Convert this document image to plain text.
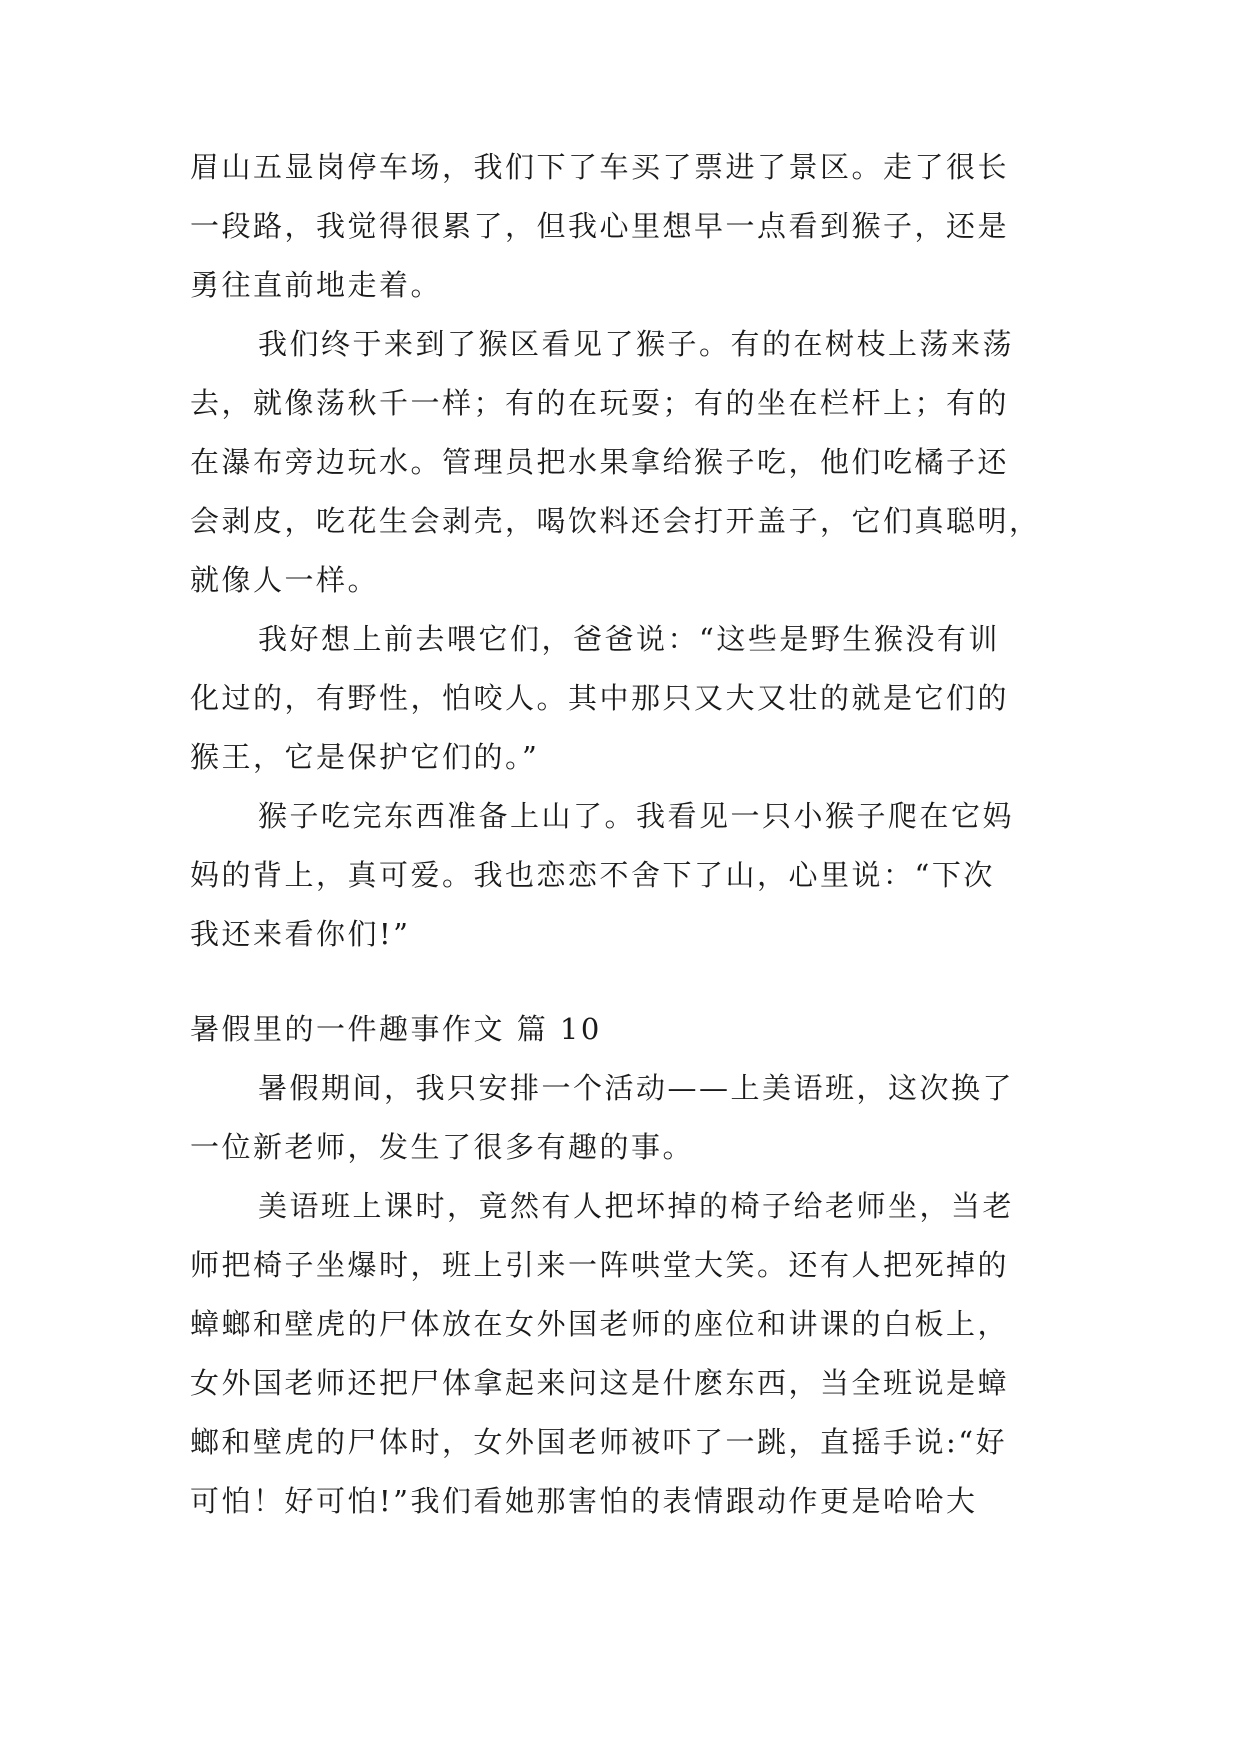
眉山五显岗停车场，我们下了车买了票进了景区。走了很长
一段路，我觉得很累了，但我心里想早一点看到猴子，还是
勇往直前地走着。
我们终于来到了猴区看见了猴子。有的在树枝上荡来荡
去，就像荡秋千一样；有的在玩耍；有的坐在栏杆上；有的
在瀑布旁边玩水。管理员把水果拿给猴子吃，他们吃橘子还
会剥皮，吃花生会剥壳，喝饮料还会打开盖子，它们真聪明，
就像人一样。
我好想上前去喂它们，爸爸说：“这些是野生猴没有训
化过的，有野性，怕咬人。其中那只又大又壮的就是它们的
猴王，它是保护它们的。”
猴子吃完东西准备上山了。我看见一只小猴子爬在它妈
妈的背上，真可爱。我也恋恋不舍下了山，心里说：“下次
我还来看你们!”
暑假里的一件趣事作文 篇 10
暑假期间，我只安排一个活动——上美语班，这次换了
一位新老师，发生了很多有趣的事。
美语班上课时，竟然有人把坏掉的椅子给老师坐，当老
师把椅子坐爆时，班上引来一阵哄堂大笑。还有人把死掉的
蟑螂和壁虎的尸体放在女外国老师的座位和讲课的白板上，
女外国老师还把尸体拿起来问这是什麽东西，当全班说是蟑
螂和壁虎的尸体时，女外国老师被吓了一跳，直摇手说:“好
可怕！好可怕!”我们看她那害怕的表情跟动作更是哈哈大
